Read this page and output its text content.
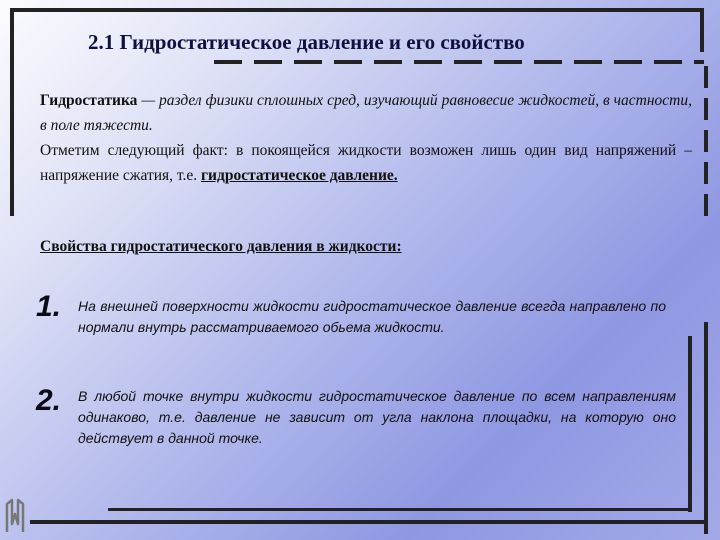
2.1 Гидростатическое давление и его свойство

Гидростатика — раздел физики сплошных сред, изучающий равновесие жидкостей, в частности, в поле тяжести.
Отметим следующий факт: в покоящейся жидкости возможен лишь один вид напряжений – напряжение сжатия, т.е. гидростатическое давление.

Свойства гидростатического давления в жидкости:
1. На внешней поверхности жидкости гидростатическое давление всегда направлено по нормали внутрь рассматриваемого обьема жидкости.

2. В любой точке внутри жидкости гидростатическое давление по всем направлениям одинаково, т.е. давление не зависит от угла наклона площадки, на которую оно действует в данной точке.
